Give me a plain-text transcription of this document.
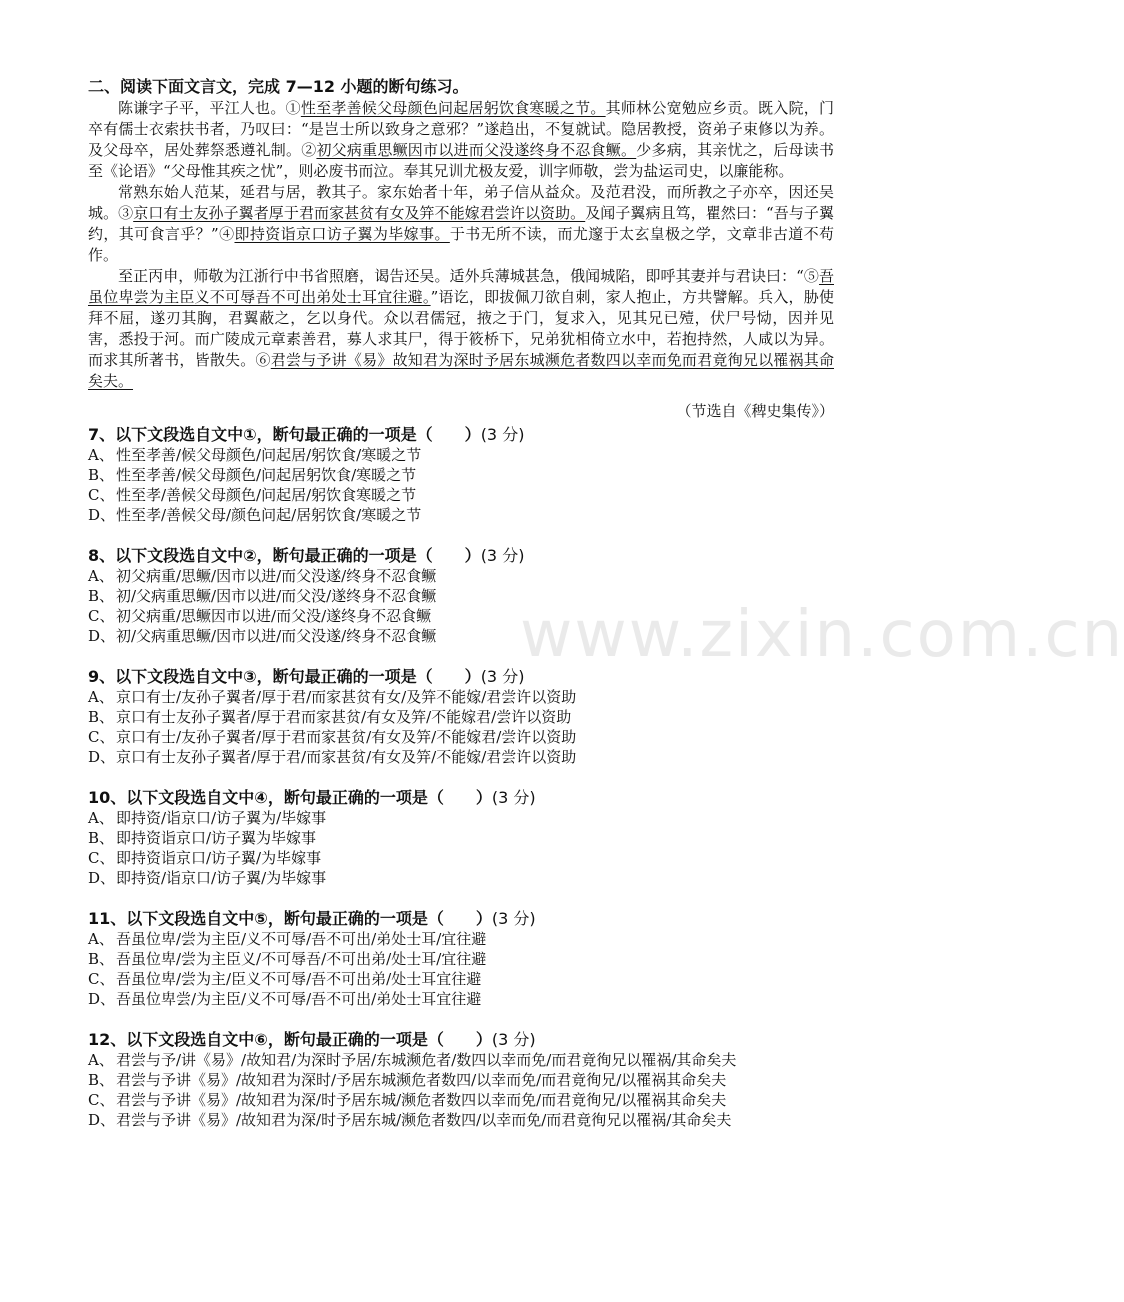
二、阅读下面文言文，完成 7—12 小题的断句练习。

陈谦字子平，平江人也。①性至孝善候父母颜色问起居躬饮食寒暖之节。其师林公宽勉应乡贡。既入院，门卒有儒士衣索扶书者，乃叹曰：“是岂士所以致身之意邪？”遂趋出，不复就试。隐居教授，资弟子束修以为养。及父母卒，居处葬祭悉遵礼制。②初父病重思鳜因市以进而父没遂终身不忍食鳜。少多病，其亲忧之，后母读书至《论语》“父母惟其疾之忧”，则必废书而泣。奉其兄训尤极友爱，训字师敬，尝为盐运司史，以廉能称。

常熟东始人范某，延君与居，教其子。家东始者十年，弟子信从益众。及范君没，而所教之子亦卒，因还吴城。③京口有士友孙子翼者厚于君而家甚贫有女及笄不能嫁君尝许以资助。及闻子翼病且笃，瞿然曰：“吾与子翼约，其可食言乎？”④即持资诣京口访子翼为毕嫁事。于书无所不读，而尤邃于太玄皇极之学，文章非古道不苟作。

至正丙申，师敬为江浙行中书省照磨，谒告还吴。适外兵薄城甚急，俄闻城陷，即呼其妻并与君诀曰：“⑤吾虽位卑尝为主臣义不可辱吾不可出弟处士耳宜往避。”语讫，即拔佩刀欲自刺，家人抱止，方共譬解。兵入，胁使拜不屈，遂刃其胸，君翼蔽之，乞以身代。众以君儒冠，掖之于门，复求入，见其兄已殪，伏尸号恸，因并见害，悉投于河。而广陵成元章素善君，募人求其尸，得于筱桥下，兄弟犹相倚立水中，若抱持然，人咸以为异。而求其所著书，皆散失。⑥君尝与予讲《易》故知君为深时予居东城濒危者数四以幸而免而君竟徇兄以罹祸其命矣夫。

（节选自《稗史集传》）
7、以下文段选自文中①，断句最正确的一项是（　　）(3 分)
A、 性至孝善/候父母颜色/问起居/躬饮食/寒暖之节
B、 性至孝善/候父母颜色/问起居躬饮食/寒暖之节
C、 性至孝/善候父母颜色/问起居/躬饮食寒暖之节
D、 性至孝/善候父母/颜色问起/居躬饮食/寒暖之节
8、以下文段选自文中②，断句最正确的一项是（　　）(3 分)
A、 初父病重/思鳜/因市以进/而父没遂/终身不忍食鳜
B、 初/父病重思鳜/因市以进/而父没/遂终身不忍食鳜
C、 初父病重/思鳜因市以进/而父没/遂终身不忍食鳜
D、 初/父病重思鳜/因市以进/而父没遂/终身不忍食鳜
9、以下文段选自文中③，断句最正确的一项是（　　）(3 分)
A、 京口有士/友孙子翼者/厚于君/而家甚贫有女/及笄不能嫁/君尝许以资助
B、 京口有士友孙子翼者/厚于君而家甚贫/有女及笄/不能嫁君/尝许以资助
C、 京口有士/友孙子翼者/厚于君而家甚贫/有女及笄/不能嫁君/尝许以资助
D、 京口有士友孙子翼者/厚于君/而家甚贫/有女及笄/不能嫁/君尝许以资助
10、以下文段选自文中④，断句最正确的一项是（　　）(3 分)
A、 即持资/诣京口/访子翼为/毕嫁事
B、 即持资诣京口/访子翼为毕嫁事
C、 即持资诣京口/访子翼/为毕嫁事
D、 即持资/诣京口/访子翼/为毕嫁事
11、以下文段选自文中⑤，断句最正确的一项是（　　）(3 分)
A、 吾虽位卑/尝为主臣/义不可辱/吾不可出/弟处士耳/宜往避
B、 吾虽位卑/尝为主臣义/不可辱吾/不可出弟/处士耳/宜往避
C、 吾虽位卑/尝为主/臣义不可辱/吾不可出弟/处士耳宜往避
D、 吾虽位卑尝/为主臣/义不可辱/吾不可出/弟处士耳宜往避
12、以下文段选自文中⑥，断句最正确的一项是（　　）(3 分)
A、 君尝与予/讲《易》/故知君/为深时予居/东城濒危者/数四以幸而免/而君竟徇兄以罹祸/其命矣夫
B、 君尝与予讲《易》/故知君为深时/予居东城濒危者数四/以幸而免/而君竟徇兄/以罹祸其命矣夫
C、 君尝与予讲《易》/故知君为深/时予居东城/濒危者数四以幸而免/而君竟徇兄/以罹祸其命矣夫
D、 君尝与予讲《易》/故知君为深/时予居东城/濒危者数四/以幸而免/而君竟徇兄以罹祸/其命矣夫
www.zixin.com.cn
